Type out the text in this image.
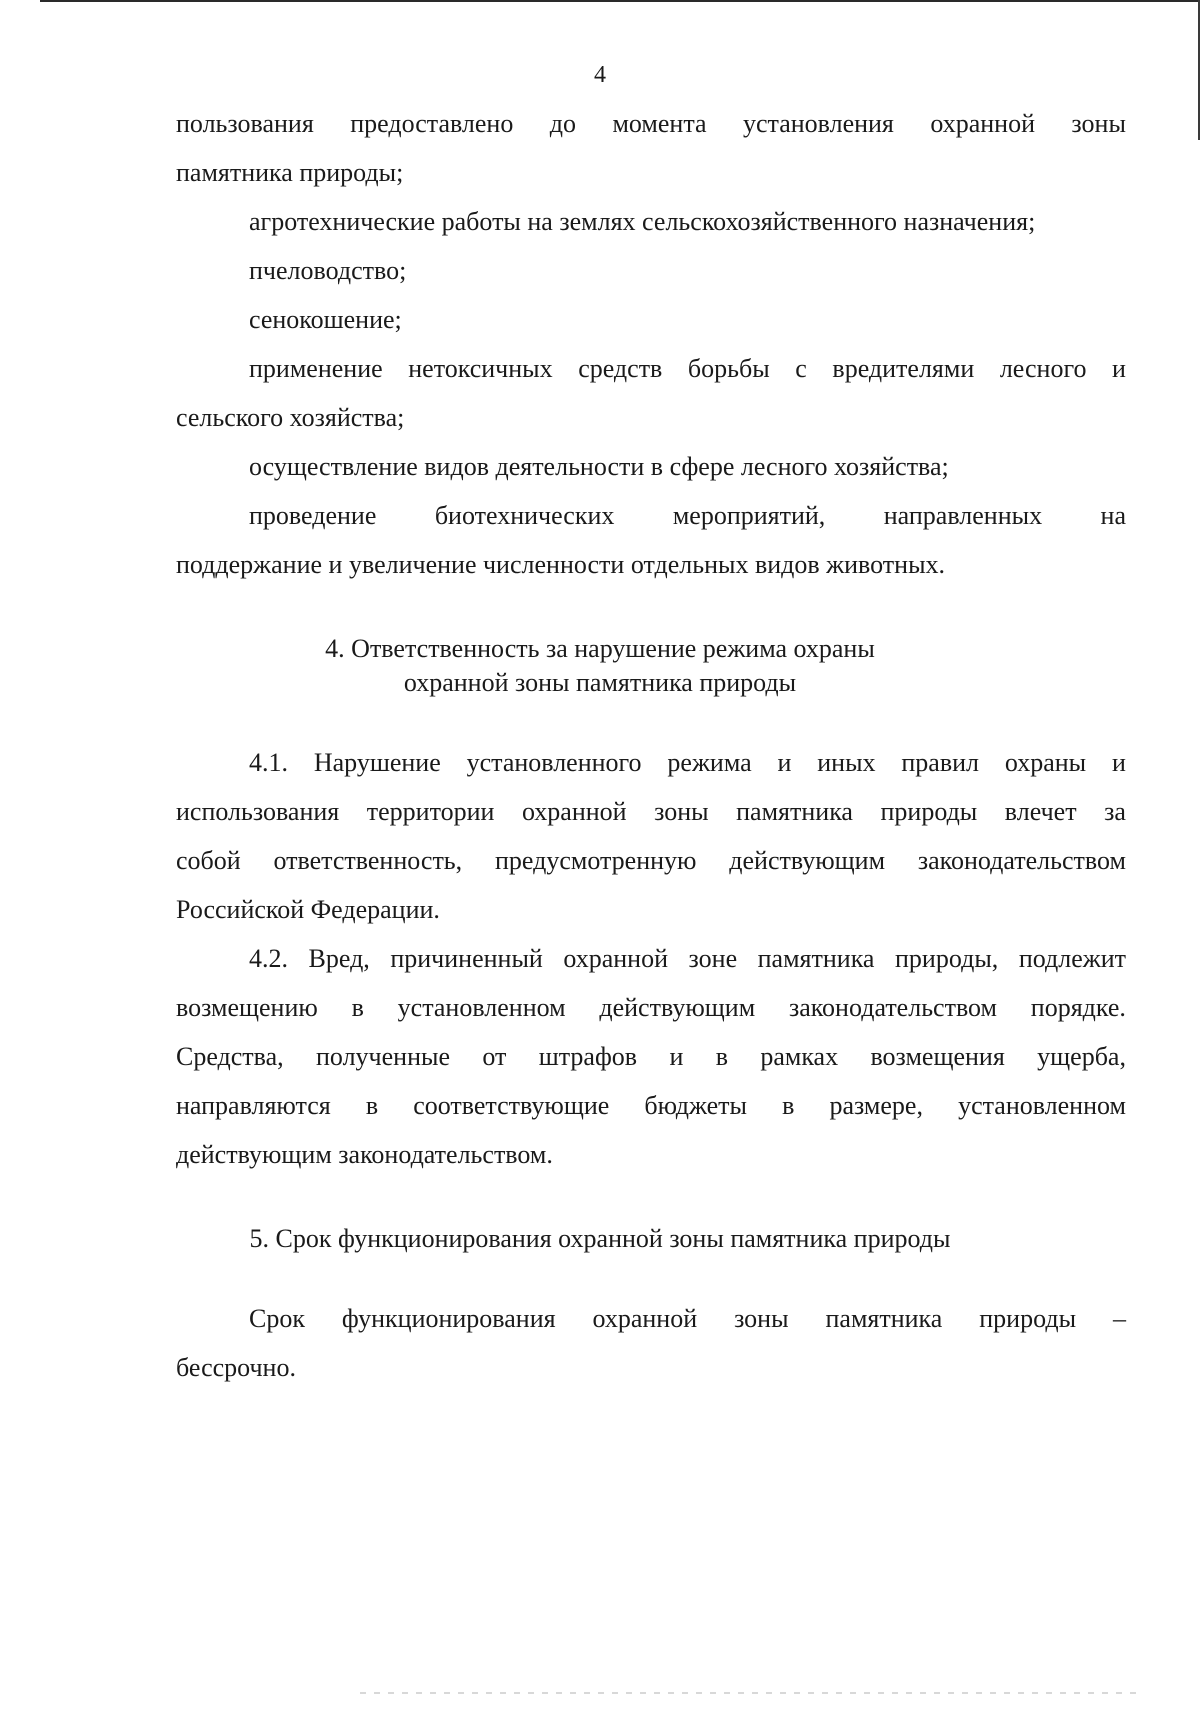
4
пользования предоставлено до момента установления охранной зоны
памятника природы;
агротехнические работы на землях сельскохозяйственного назначения;
пчеловодство;
сенокошение;
применение нетоксичных средств борьбы с вредителями лесного и
сельского хозяйства;
осуществление видов деятельности в сфере лесного хозяйства;
проведение биотехнических мероприятий, направленных на
поддержание и увеличение численности отдельных видов животных.
4. Ответственность за нарушение режима охраны
охранной зоны памятника природы
4.1. Нарушение установленного режима и иных правил охраны и
использования территории охранной зоны памятника природы влечет за
собой ответственность, предусмотренную действующим законодательством
Российской Федерации.
4.2. Вред, причиненный охранной зоне памятника природы, подлежит
возмещению в установленном действующим законодательством порядке.
Средства, полученные от штрафов и в рамках возмещения ущерба,
направляются в соответствующие бюджеты в размере, установленном
действующим законодательством.
5. Срок функционирования охранной зоны памятника природы
Срок функционирования охранной зоны памятника природы –
бессрочно.
